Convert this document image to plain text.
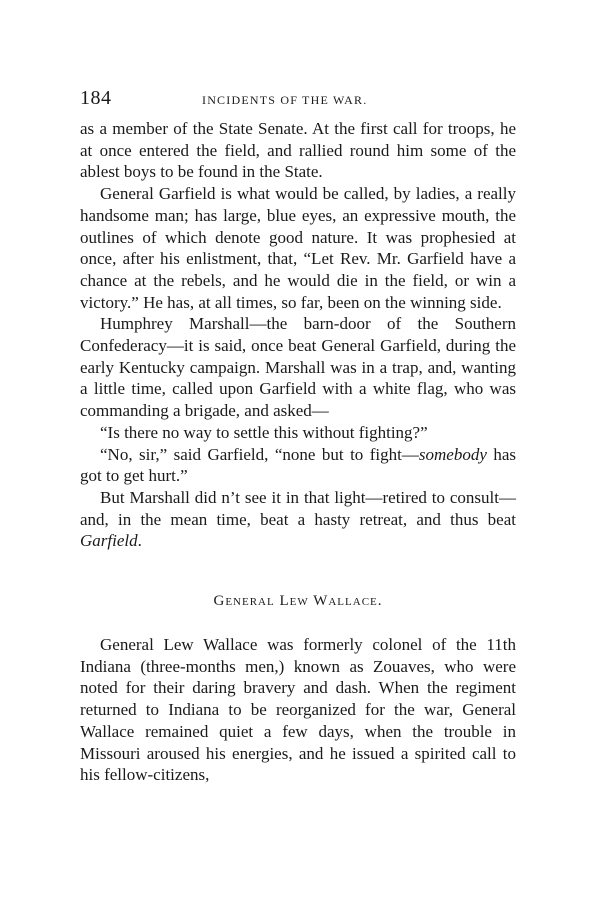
184	INCIDENTS OF THE WAR.

as a member of the State Senate. At the first call for troops, he at once entered the field, and rallied round him some of the ablest boys to be found in the State.

General Garfield is what would be called, by ladies, a really handsome man; has large, blue eyes, an expressive mouth, the outlines of which denote good nature. It was prophesied at once, after his enlistment, that, “Let Rev. Mr. Garfield have a chance at the rebels, and he would die in the field, or win a victory.” He has, at all times, so far, been on the winning side.

Humphrey Marshall—the barn-door of the Southern Confederacy—it is said, once beat General Garfield, during the early Kentucky campaign. Marshall was in a trap, and, wanting a little time, called upon Garfield with a white flag, who was commanding a brigade, and asked—

“Is there no way to settle this without fighting?”

“No, sir,” said Garfield, “none but to fight—somebody has got to get hurt.”

But Marshall did n’t see it in that light—retired to consult—and, in the mean time, beat a hasty retreat, and thus beat Garfield.

General Lew Wallace.

General Lew Wallace was formerly colonel of the 11th Indiana (three-months men,) known as Zouaves, who were noted for their daring bravery and dash. When the regiment returned to Indiana to be reorganized for the war, General Wallace remained quiet a few days, when the trouble in Missouri aroused his energies, and he issued a spirited call to his fellow-citizens,
